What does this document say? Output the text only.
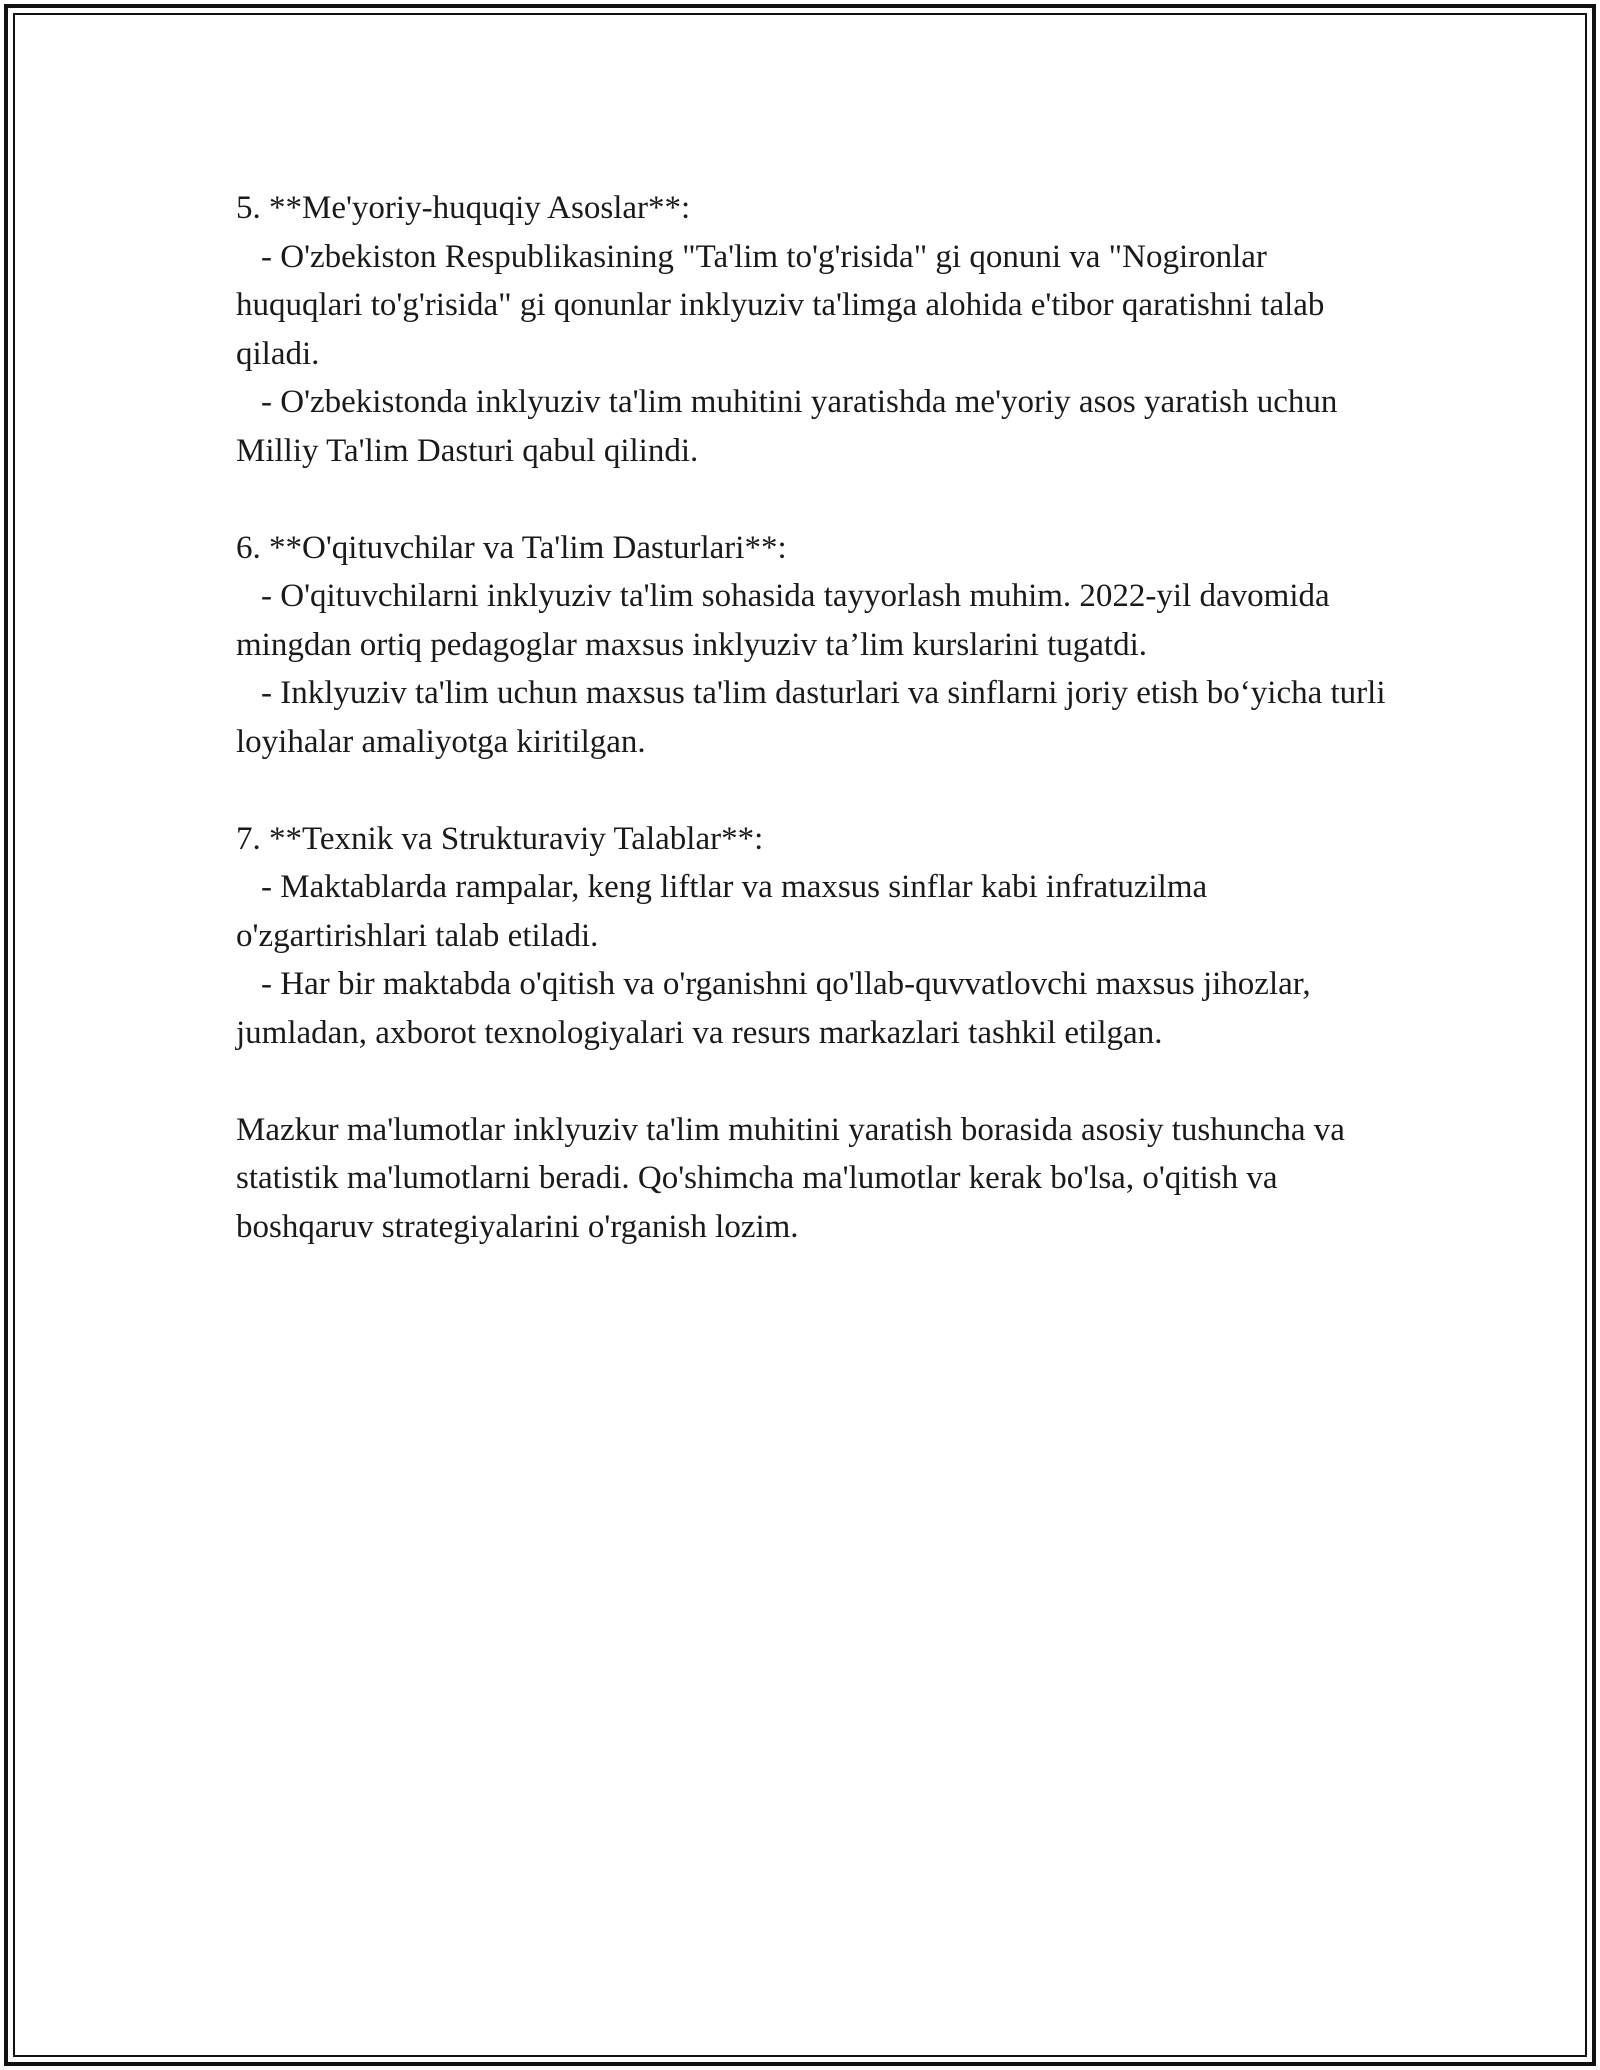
5. **Me'yoriy-huquqiy Asoslar**:

- O'zbekiston Respublikasining "Ta'lim to'g'risida" gi qonuni va "Nogironlar huquqlari to'g'risida" gi qonunlar inklyuziv ta'limga alohida e'tibor qaratishni talab qiladi.

- O'zbekistonda inklyuziv ta'lim muhitini yaratishda me'yoriy asos yaratish uchun Milliy Ta'lim Dasturi qabul qilindi.

6. **O'qituvchilar va Ta'lim Dasturlari**:

- O'qituvchilarni inklyuziv ta'lim sohasida tayyorlash muhim. 2022-yil davomida mingdan ortiq pedagoglar maxsus inklyuziv ta’lim kurslarini tugatdi.

- Inklyuziv ta'lim uchun maxsus ta'lim dasturlari va sinflarni joriy etish bo‘yicha turli loyihalar amaliyotga kiritilgan.

7. **Texnik va Strukturaviy Talablar**:

- Maktablarda rampalar, keng liftlar va maxsus sinflar kabi infratuzilma o'zgartirishlari talab etiladi.

- Har bir maktabda o'qitish va o'rganishni qo'llab-quvvatlovchi maxsus jihozlar, jumladan, axborot texnologiyalari va resurs markazlari tashkil etilgan.

Mazkur ma'lumotlar inklyuziv ta'lim muhitini yaratish borasida asosiy tushuncha va statistik ma'lumotlarni beradi. Qo'shimcha ma'lumotlar kerak bo'lsa, o'qitish va boshqaruv strategiyalarini o'rganish lozim.
